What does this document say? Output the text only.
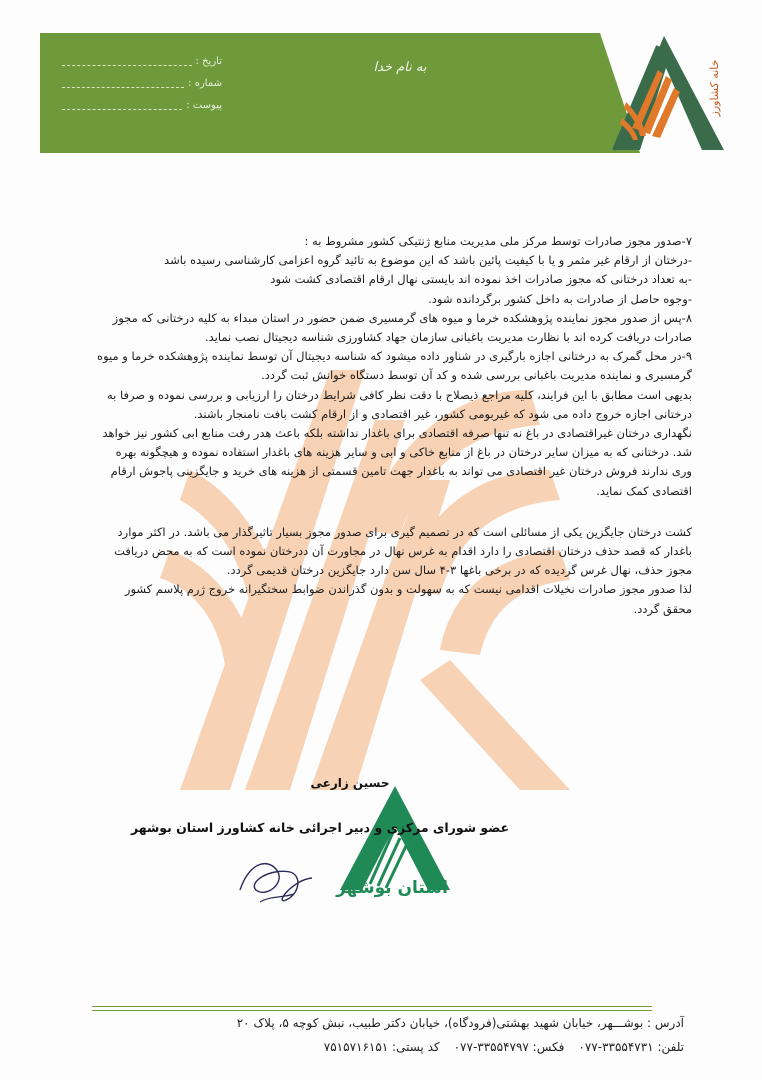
تاریخ :
شماره :
پیوست :
به نام خدا	خانه کشاورز

۷-صدور مجوز صادرات توسط مرکز ملی مدیریت منابع ژنتیکی کشور مشروط به :

-درختان از ارقام غیر مثمر و یا با کیفیت پائین باشد که این موضوع به تائید گروه اعزامی کارشناسی رسیده باشد

-به تعداد درختانی که مجوز صادرات اخذ نموده اند بایستی نهال ارقام اقتصادی کشت شود

-وجوه حاصل از صادرات به داخل کشور برگردانده شود.

۸-پس از صدور مجوز نماینده پژوهشکده خرما و میوه های گرمسیری ضمن حضور در استان مبداء به کلیه درختانی که مجوز صادرات دریافت کرده اند با نظارت مدیریت باغبانی سازمان جهاد کشاورزی شناسه دیجیتال نصب نماید.

۹-در محل گمرک به درختانی اجازه بارگیری در شناور داده میشود که شناسه دیجیتال آن توسط نماینده پژوهشکده خرما و میوه گرمسیری و نماینده مدیریت باغبانی بررسی شده و کد آن توسط دستگاه خوانش ثبت گردد.

بدیهی است مطابق با این فرایند، کلیه مراجع ذیصلاح با دقت نظر کافی شرایط درختان را ارزیابی و بررسی نموده و صرفا به درختانی اجازه خروج داده می شود که غیربومی کشور، غیر اقتصادی و از ارقام کشت بافت نامنجار باشند.

نگهداری درختان غیراقتصادی در باغ نه تنها صرفه اقتصادی برای باغدار نداشته بلکه باعث هدر رفت منابع ابی کشور نیز خواهد شد. درختانی که به میزان سایر درختان در باغ از منابع خاکی و ابی و سایر هزینه های باغدار استفاده نموده و هیچگونه بهره وری ندارند فروش درختان غیر اقتصادی می تواند به باغدار جهت تامین قسمتی از هزینه های خرید و جایگزینی پاجوش ارقام اقتصادی کمک نماید.

کشت درختان جایگزین یکی از مسائلی است که در تصمیم گیری برای صدور مجوز بسیار تاثیرگذار می باشد. در اکثر موارد باغدار که قصد حذف درختان اقتصادی را دارد اقدام به غرس نهال در مجاورت آن ددرختان نموده است که به محض دریافت مجوز حذف، نهال غرس گردیده که در برخی باغها ۳-۴ سال سن دارد جایگزین درختان قدیمی گردد.

لذا صدور مجوز صادرات نخیلات اقدامی نیست که به سهولت و بدون گذراندن ضوابط سختگیرانه خروج ژرم پلاسم کشور محقق گردد.

استان بوشهر
حسین زارعی
عضو شورای مرکزی و دبیر اجرائی خانه کشاورز استان بوشهر
آدرس : بوشـــهر، خیابان شهید بهشتی(فرودگاه)، خیابان دکتر طبیب، نبش کوچه ۵، پلاک ۲۰
تلفن: ۳۳۵۵۴۷۳۱-۰۷۷
فکس: ۳۳۵۵۴۷۹۷-۰۷۷
کد پستی: ۷۵۱۵۷۱۶۱۵۱
